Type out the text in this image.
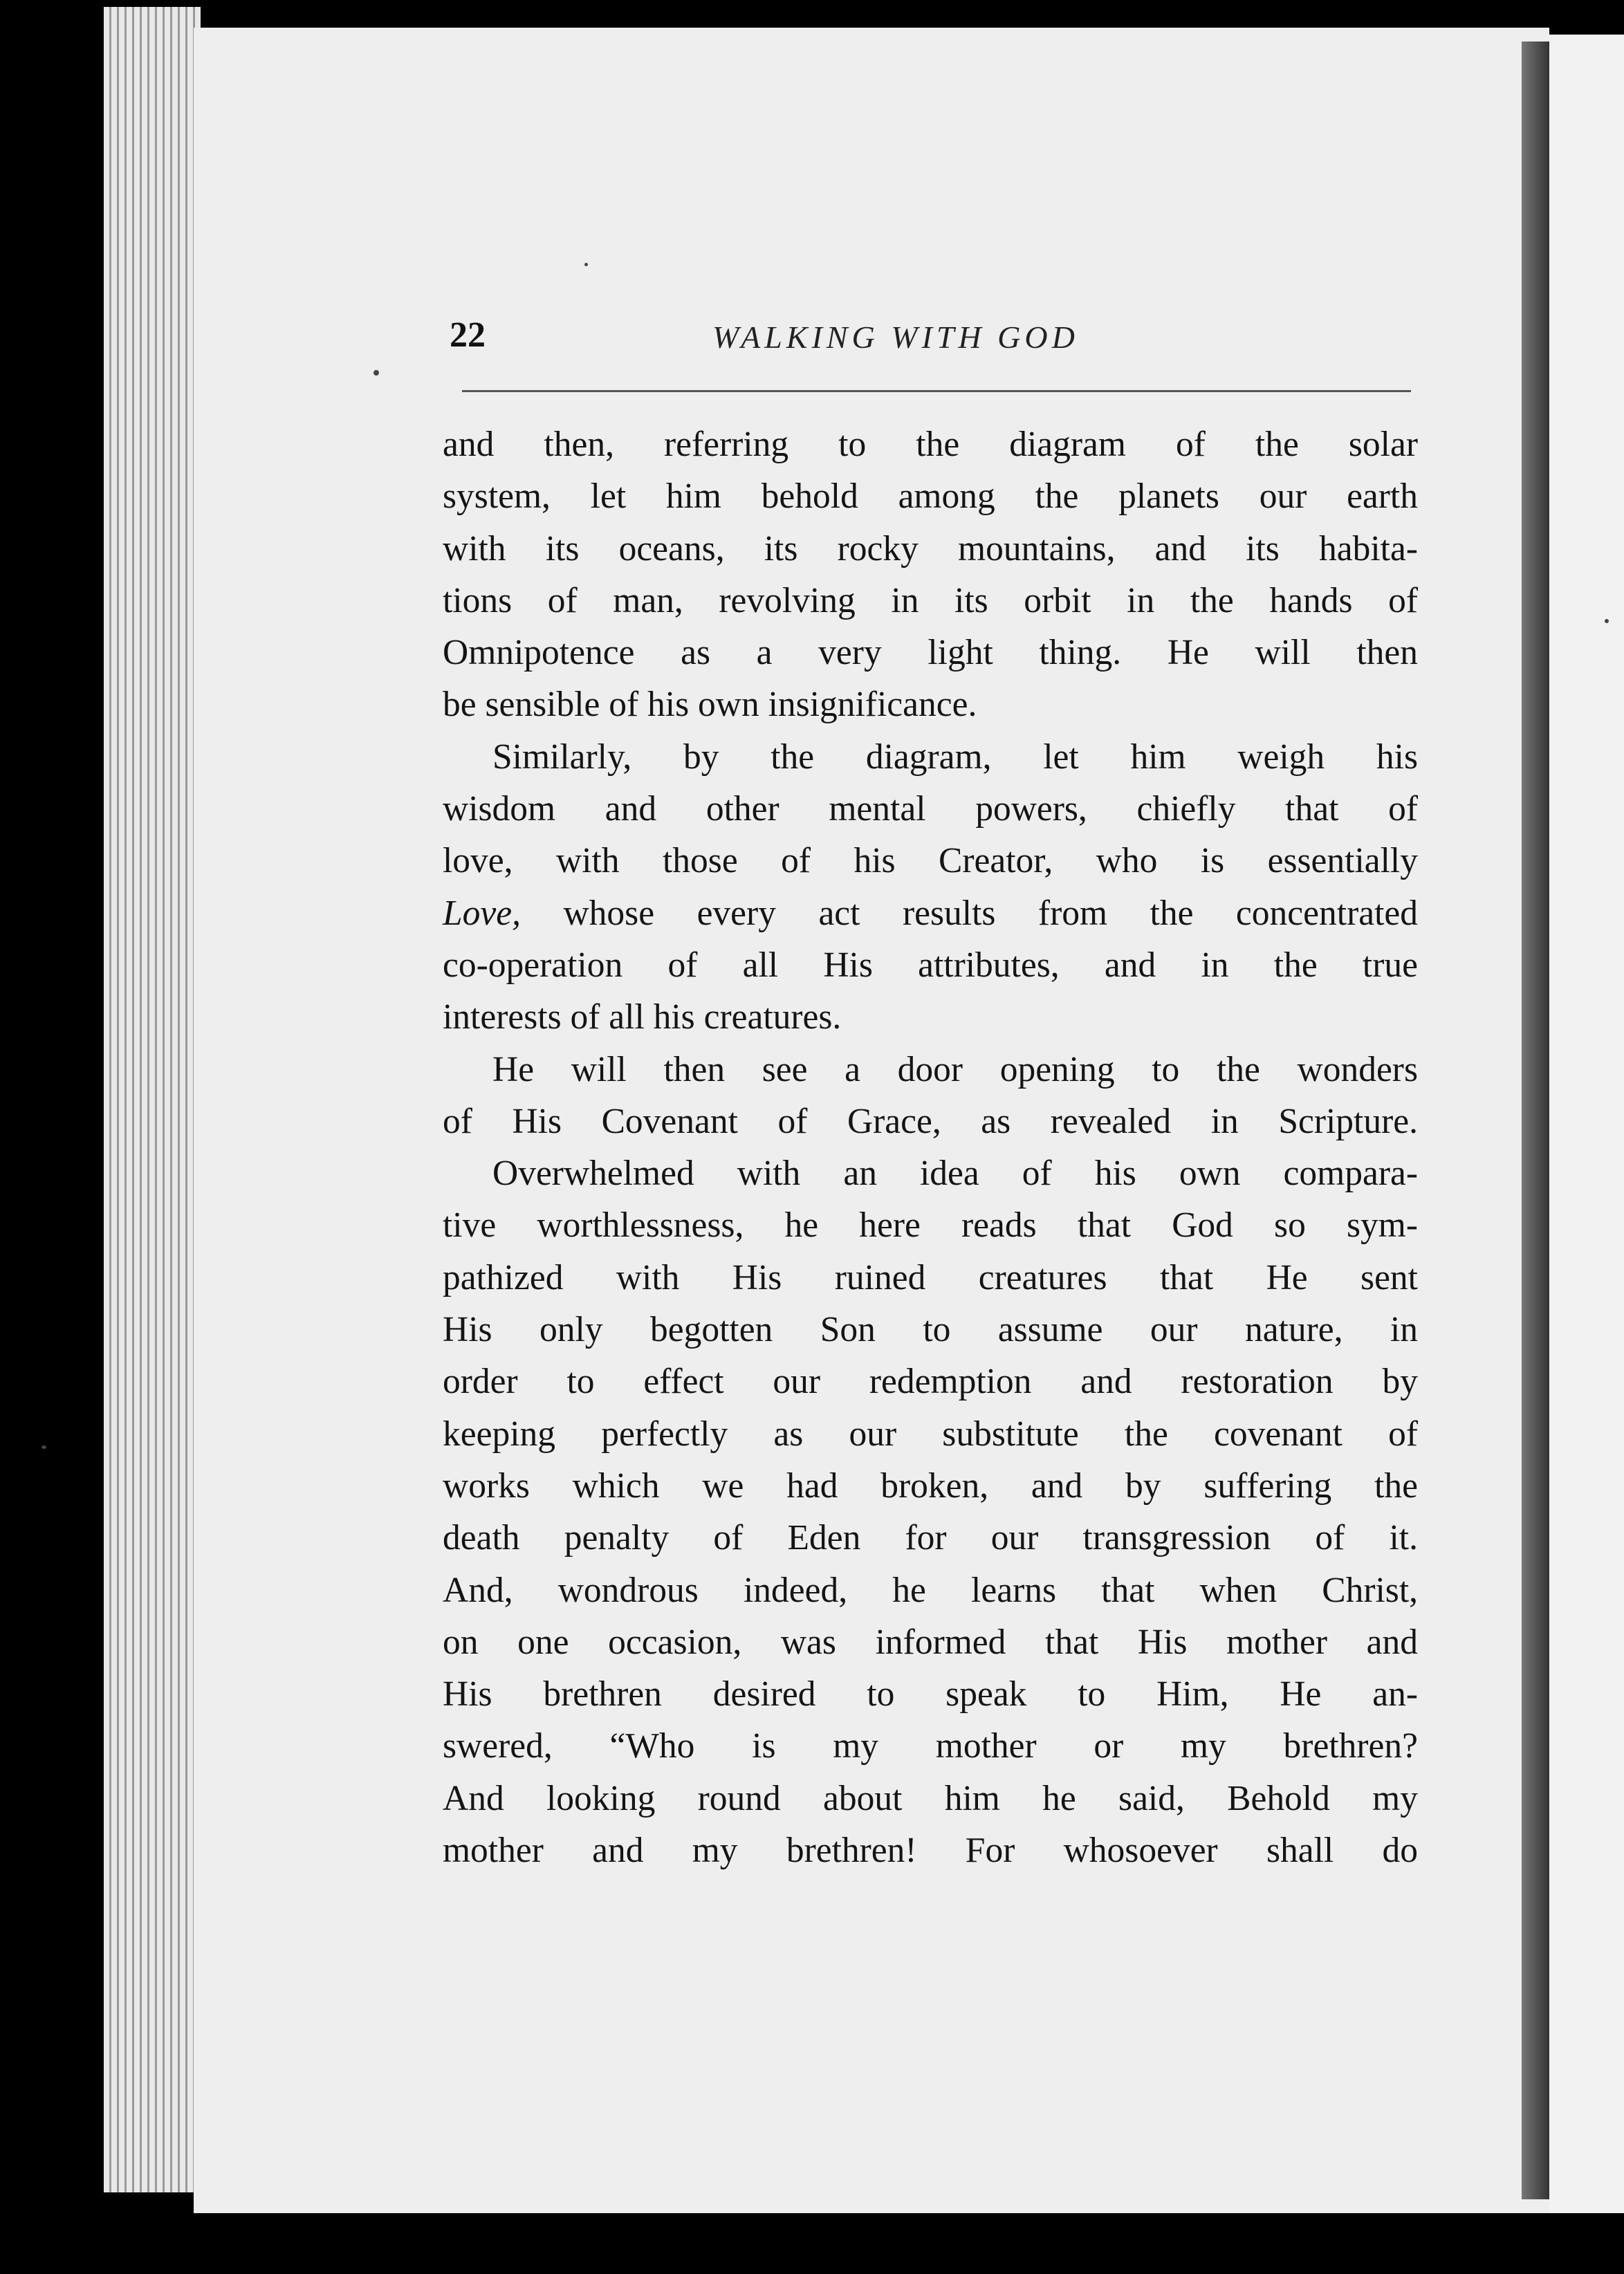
22	WALKING WITH GOD
and then, referring to the diagram of the solar
system, let him behold among the planets our earth
with its oceans, its rocky mountains, and its habita-
tions of man, revolving in its orbit in the hands of
Omnipotence as a very light thing. He will then
be sensible of his own insignificance.
Similarly, by the diagram, let him weigh his
wisdom and other mental powers, chiefly that of
love, with those of his Creator, who is essentially
Love, whose every act results from the concentrated
co-operation of all His attributes, and in the true
interests of all his creatures.
He will then see a door opening to the wonders
of His Covenant of Grace, as revealed in Scripture.
Overwhelmed with an idea of his own compara-
tive worthlessness, he here reads that God so sym-
pathized with His ruined creatures that He sent
His only begotten Son to assume our nature, in
order to effect our redemption and restoration by
keeping perfectly as our substitute the covenant of
works which we had broken, and by suffering the
death penalty of Eden for our transgression of it.
And, wondrous indeed, he learns that when Christ,
on one occasion, was informed that His mother and
His brethren desired to speak to Him, He an-
swered, “Who is my mother or my brethren?
And looking round about him he said, Behold my
mother and my brethren! For whosoever shall do
